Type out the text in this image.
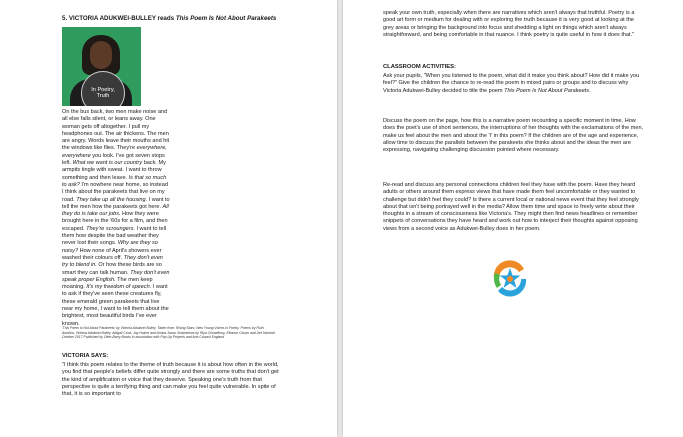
5. VICTORIA ADUKWEI-BULLEY reads This Poem Is Not About Parakeets
In Poetry,
Truth

On the bus back, two men make noise and all else falls silent, or leans away. One woman gets off altogether. I pull my headphones out. The air thickens. The men are angry. Words leave their mouths and hit the windows like flies. They're everywhere, everywhere you look. I've got seven stops left. What we want is our country back. My armpits tingle with sweat. I want to throw something and then leave. Is that so much to ask? I'm nowhere near home, so instead I think about the parakeets that live on my road. They take up all the housing. I want to tell the men how the parakeets got here. All they do is take our jobs. How they were brought here in the '60s for a film, and then escaped. They're scroungers. I want to tell them how despite the bad weather they never lost their songs. Why are they so noisy? How none of April's showers ever washed their colours off. They don't even try to blend in. Or how these birds are so smart they can talk human. They don't even speak proper English. The men keep moaning. It's my freedom of speech. I want to ask if they've seen these creatures fly, these emerald green parakeets that live near my home, I want to tell them about the brightest, most beautiful birds I've ever known.

'This Poem Is Not About Parakeets' by Victoria Adukwei Bulley. Taken from: Rising Stars: New Young Voices in Poetry. Poems by Ruth Awolola, Victoria Adukwei Bulley, Abigail Cook, Jay Hulme and Amina Jama. Illustrations by Riya Chowdhury, Eleanor Chuan and Joe Marriott. October 2017 Published by Otter-Barry Books in association with Pop-Up Projects and Arts Council England
VICTORIA SAYS:

"I think this poem relates to the theme of truth because it is about how often in the world, you find that people's beliefs differ quite strongly and there are some truths that don't get the kind of amplification or voice that they deserve. Speaking one's truth from that perspective is quite a terrifying thing and can make you feel quite vulnerable. In spite of that, it is so important to

speak your own truth, especially when there are narratives which aren't always that truthful. Poetry is a good art form or medium for dealing with or exploring the truth because it is very good at looking at the grey areas or bringing the background into focus and shedding a light on things which aren't always straightforward, and being comfortable in that nuance. I think poetry is quite useful in how it does that."

CLASSROOM ACTIVITIES:

Ask your pupils, "When you listened to the poem, what did it make you think about? How did it make you feel?" Give the children the chance to re-read the poem in mixed pairs or groups and to discuss why Victoria Adukwei-Bulley decided to title the poem This Poem Is Not About Parakeets.

Discuss the poem on the page, how this is a narrative poem recounting a specific moment in time. How does the poet's use of short sentences, the interruptions of her thoughts with the exclamations of the men, make us feel about the men and about the 'I' in this poem? If the children are of the age and experience, allow time to discuss the parallels between the parakeets she thinks about and the ideas the men are expressing, navigating challenging discussion pointed where necessary.

Re-read and discuss any personal connections children feel they have with the poem. Have they heard adults or others around them express views that have made them feel uncomfortable or they wanted to challenge but didn't feel they could? Is there a current local or national news event that they feel strongly about that isn't being portrayed well in the media? Allow them time and space to freely write about their thoughts in a stream of consciousness like Victoria's. They might then find news headlines or remember snippets of conversations they have heard and work out how to interject their thoughts against opposing views from a second voice as Adukwei-Bulley does in her poem.
